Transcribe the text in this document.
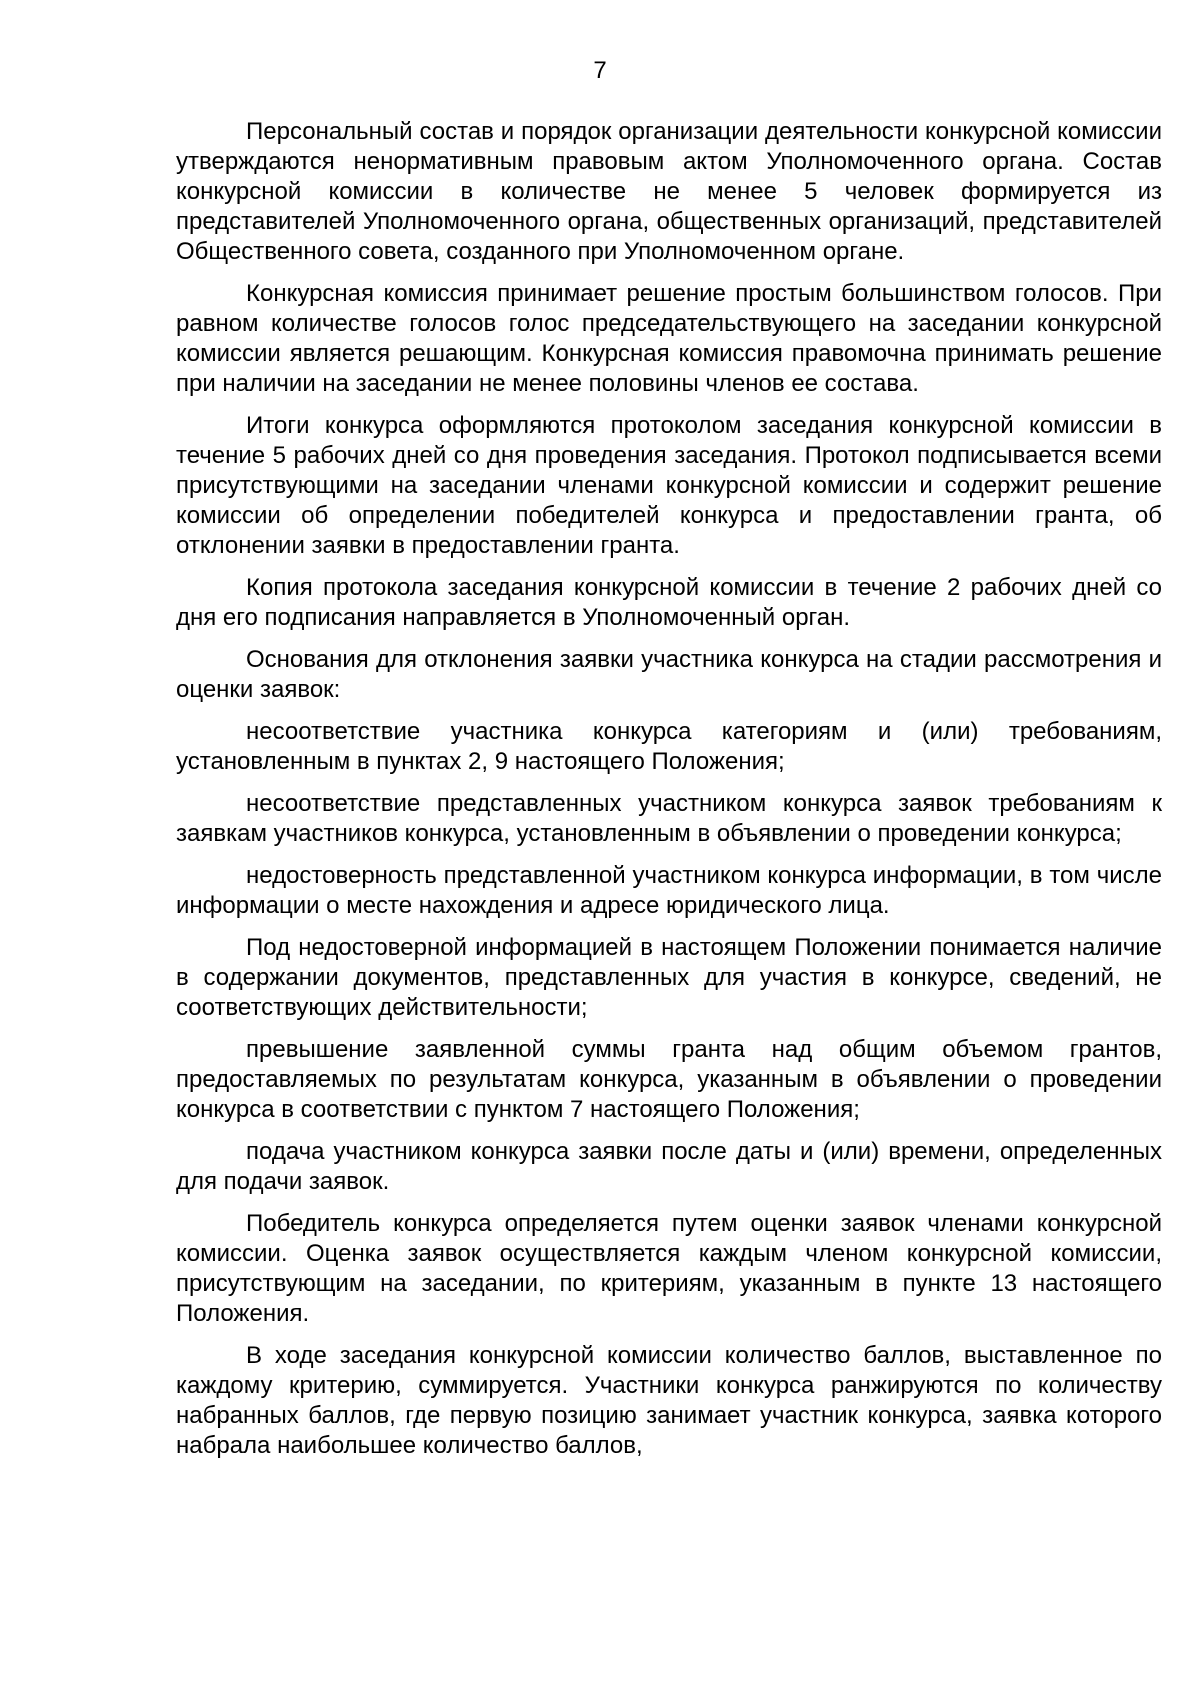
7

Персональный состав и порядок организации деятельности конкурсной комиссии утверждаются ненормативным правовым актом Уполномоченного органа. Состав конкурсной комиссии в количестве не менее 5 человек формируется из представителей Уполномоченного органа, общественных организаций, представителей Общественного совета, созданного при Уполномоченном органе.

Конкурсная комиссия принимает решение простым большинством голосов. При равном количестве голосов голос председательствующего на заседании конкурсной комиссии является решающим. Конкурсная комиссия правомочна принимать решение при наличии на заседании не менее половины членов ее состава.

Итоги конкурса оформляются протоколом заседания конкурсной комиссии в течение 5 рабочих дней со дня проведения заседания. Протокол подписывается всеми присутствующими на заседании членами конкурсной комиссии и содержит решение комиссии об определении победителей конкурса и предоставлении гранта, об отклонении заявки в предоставлении гранта.

Копия протокола заседания конкурсной комиссии в течение 2 рабочих дней со дня его подписания направляется в Уполномоченный орган.

Основания для отклонения заявки участника конкурса на стадии рассмотрения и оценки заявок:

несоответствие участника конкурса категориям и (или) требованиям, установленным в пунктах 2, 9 настоящего Положения;

несоответствие представленных участником конкурса заявок требованиям к заявкам участников конкурса, установленным в объявлении о проведении конкурса;

недостоверность представленной участником конкурса информации, в том числе информации о месте нахождения и адресе юридического лица.

Под недостоверной информацией в настоящем Положении понимается наличие в содержании документов, представленных для участия в конкурсе, сведений, не соответствующих действительности;

превышение заявленной суммы гранта над общим объемом грантов, предоставляемых по результатам конкурса, указанным в объявлении о проведении конкурса в соответствии с пунктом 7 настоящего Положения;

подача участником конкурса заявки после даты и (или) времени, определенных для подачи заявок.

Победитель конкурса определяется путем оценки заявок членами конкурсной комиссии. Оценка заявок осуществляется каждым членом конкурсной комиссии, присутствующим на заседании, по критериям, указанным в пункте 13 настоящего Положения.

В ходе заседания конкурсной комиссии количество баллов, выставленное по каждому критерию, суммируется. Участники конкурса ранжируются по количеству набранных баллов, где первую позицию занимает участник конкурса, заявка которого набрала наибольшее количество баллов,
